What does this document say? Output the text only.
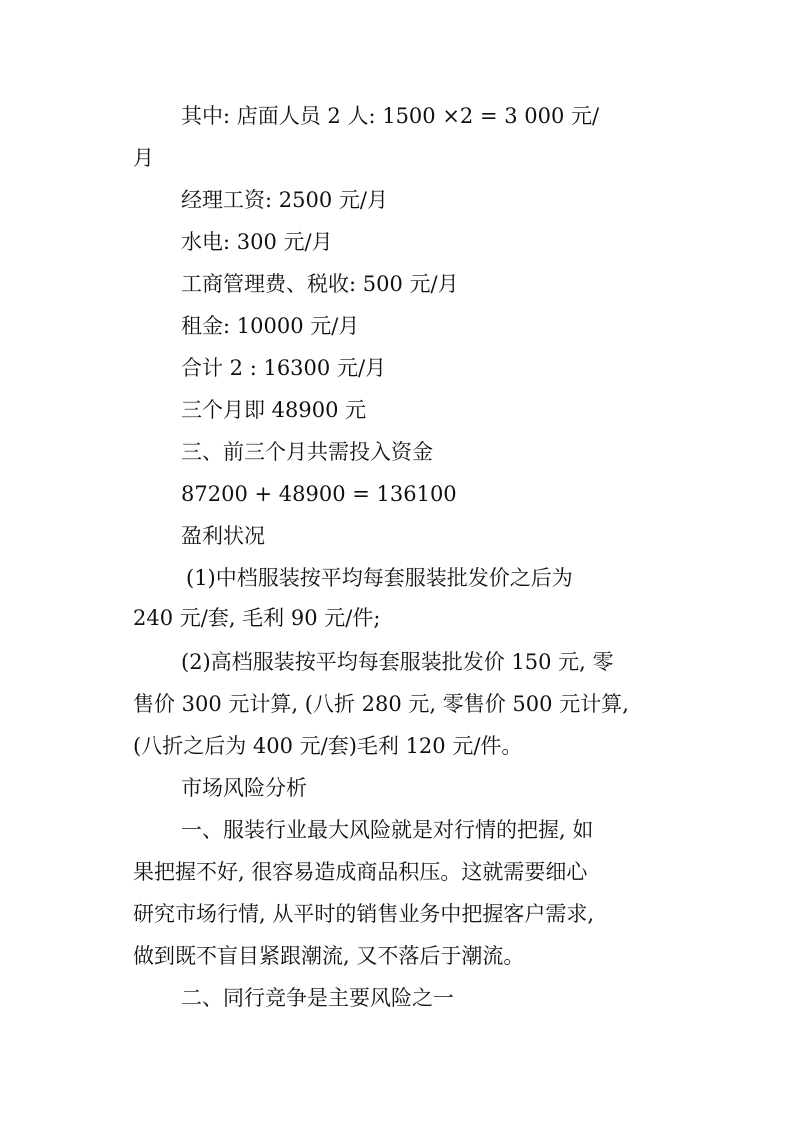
其中: 店面人员 2 人: 1500 ×2 = 3 000 元/
月
经理工资: 2500 元/月
水电: 300 元/月
工商管理费、税收: 500 元/月
租金: 10000 元/月
合计 2 : 16300 元/月
三个月即 48900 元
三、前三个月共需投入资金
87200 + 48900 = 136100
盈利状况
(1)中档服装按平均每套服装批发价之后为
240 元/套, 毛利 90 元/件;
(2)高档服装按平均每套服装批发价 150 元, 零
售价 300 元计算, (八折 280 元, 零售价 500 元计算,
(八折之后为 400 元/套)毛利 120 元/件。
市场风险分析
一、服装行业最大风险就是对行情的把握, 如
果把握不好, 很容易造成商品积压。这就需要细心
研究市场行情, 从平时的销售业务中把握客户需求,
做到既不盲目紧跟潮流, 又不落后于潮流。
二、同行竞争是主要风险之一
